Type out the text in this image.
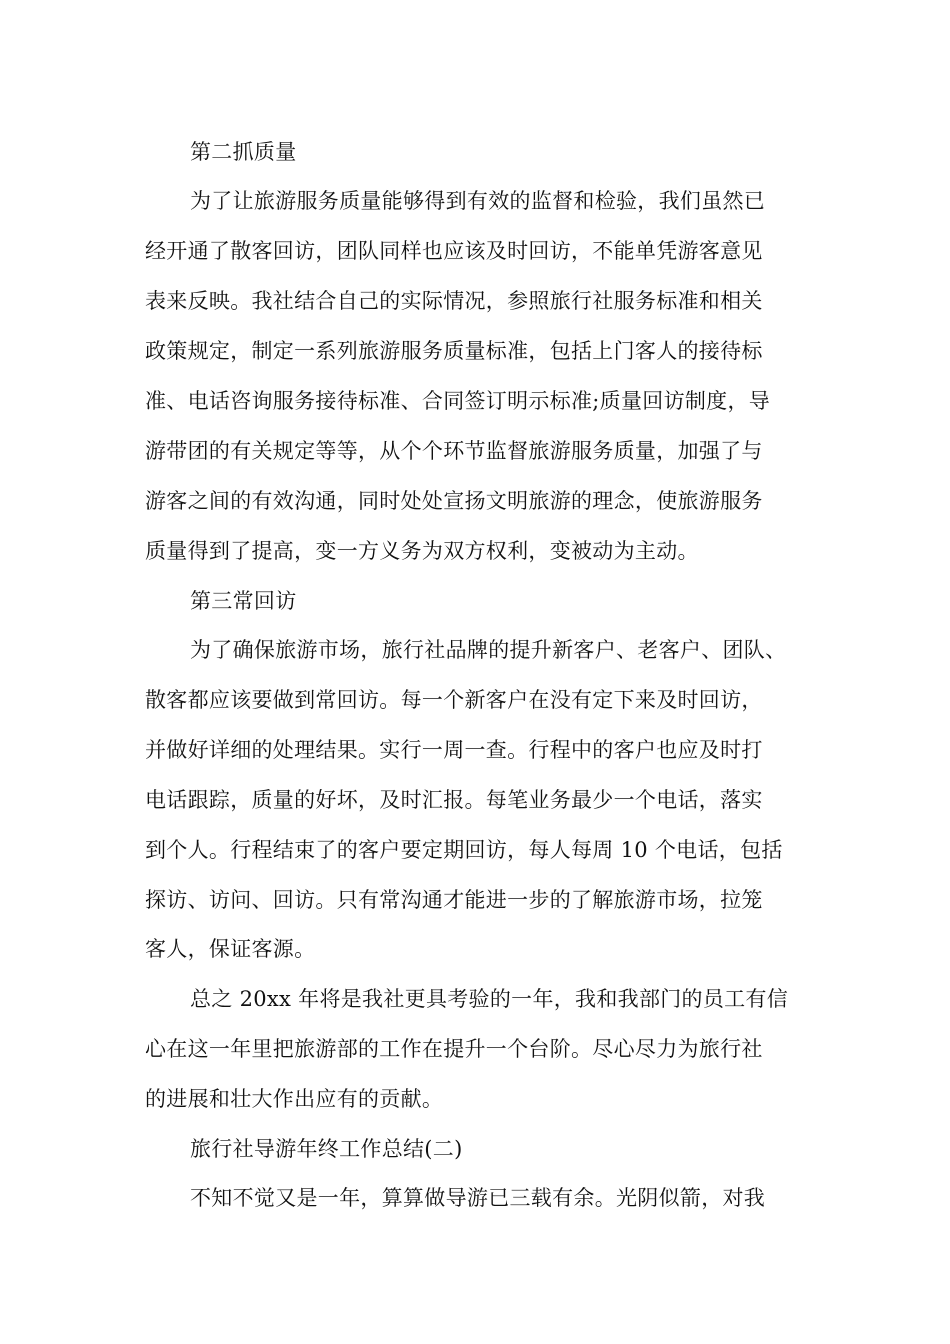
第二抓质量
为了让旅游服务质量能够得到有效的监督和检验，我们虽然已
经开通了散客回访，团队同样也应该及时回访，不能单凭游客意见
表来反映。我社结合自己的实际情况，参照旅行社服务标准和相关
政策规定，制定一系列旅游服务质量标准，包括上门客人的接待标
准、电话咨询服务接待标准、合同签订明示标准;质量回访制度，导
游带团的有关规定等等，从个个环节监督旅游服务质量，加强了与
游客之间的有效沟通，同时处处宣扬文明旅游的理念，使旅游服务
质量得到了提高，变一方义务为双方权利，变被动为主动。
第三常回访
为了确保旅游市场，旅行社品牌的提升新客户、老客户、团队、
散客都应该要做到常回访。每一个新客户在没有定下来及时回访，
并做好详细的处理结果。实行一周一查。行程中的客户也应及时打
电话跟踪，质量的好坏，及时汇报。每笔业务最少一个电话，落实
到个人。行程结束了的客户要定期回访，每人每周 10 个电话，包括
探访、访问、回访。只有常沟通才能进一步的了解旅游市场，拉笼
客人，保证客源。
总之 20xx 年将是我社更具考验的一年，我和我部门的员工有信
心在这一年里把旅游部的工作在提升一个台阶。尽心尽力为旅行社
的进展和壮大作出应有的贡献。
旅行社导游年终工作总结(二)
不知不觉又是一年，算算做导游已三载有余。光阴似箭，对我
